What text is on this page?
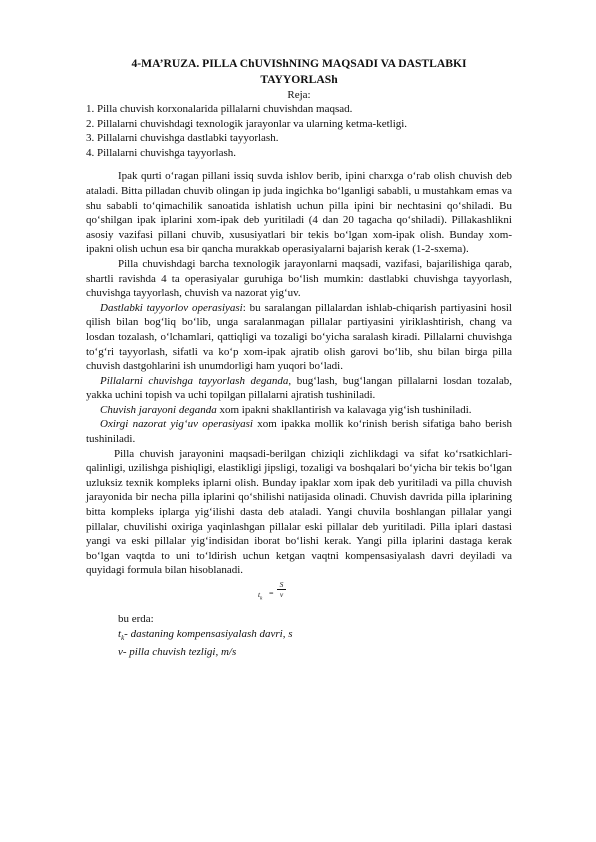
4-MA’RUZA. PILLA ChUVIShNING MAQSADI VA DASTLABKI
TAYYORLASh

Reja:

1. Pilla chuvish korxonalarida pillalarni chuvishdan maqsad.
2. Pillalarni chuvishdagi texnologik jarayonlar va ularning ketma-ketligi.
3. Pillalarni chuvishga dastlabki tayyorlash.
4. Pillalarni chuvishga tayyorlash.

Ipak qurti o‘ragan pillani issiq suvda ishlov berib, ipini charxga o‘rab olish chuvish deb ataladi. Bitta pilladan chuvib olingan ip juda ingichka bo‘lganligi sababli, u mustahkam emas va shu sababli to‘qimachilik sanoatida ishlatish uchun pilla ipini bir nechtasini qo‘shiladi. Bu qo‘shilgan ipak iplarini xom-ipak deb yuritiladi (4 dan 20 tagacha qo‘shiladi). Pillakashlikni asosiy vazifasi pillani chuvib, xususiyatlari bir tekis bo‘lgan xom-ipak olish. Bunday xom-ipakni olish uchun esa bir qancha murakkab operasiyalarni bajarish kerak (1-2-sxema).

Pilla chuvishdagi barcha texnologik jarayonlarni maqsadi, vazifasi, bajarilishiga qarab, shartli ravishda 4 ta operasiyalar guruhiga bo‘lish mumkin: dastlabki chuvishga tayyorlash, chuvishga tayyorlash, chuvish va nazorat yig‘uv.

Dastlabki tayyorlov operasiyasi: bu saralangan pillalardan ishlab-chiqarish partiyasini hosil qilish bilan bog‘liq bo‘lib, unga saralanmagan pillalar partiyasini yiriklashtirish, chang va losdan tozalash, o‘lchamlari, qattiqligi va tozaligi bo‘yicha saralash kiradi. Pillalarni chuvishga to‘g‘ri tayyorlash, sifatli va ko‘p xom-ipak ajratib olish garovi bo‘lib, shu bilan birga pilla chuvish dastgohlarini ish unumdorligi ham yuqori bo‘ladi.

Pillalarni chuvishga tayyorlash deganda, bug‘lash, bug‘langan pillalarni losdan tozalab, yakka uchini topish va uchi topilgan pillalarni ajratish tushiniladi.

Chuvish jarayoni deganda xom ipakni shakllantirish va kalavaga yig‘ish tushiniladi.

Oxirgi nazorat yig‘uv operasiyasi xom ipakka mollik ko‘rinish berish sifatiga baho berish tushiniladi.

Pilla chuvish jarayonini maqsadi-berilgan chiziqli zichlikdagi va sifat ko‘rsatkichlari- qalinligi, uzilishga pishiqligi, elastikligi jipsligi, tozaligi va boshqalari bo‘yicha bir tekis bo‘lgan uzluksiz texnik kompleks iplarni olish. Bunday ipaklar xom ipak deb yuritiladi va pilla chuvish jarayonida bir necha pilla iplarini qo‘shilishi natijasida olinadi. Chuvish davrida pilla iplarining bitta kompleks iplarga yig‘ilishi dasta deb ataladi. Yangi chuvila boshlangan pillalar yangi pillalar, chuvilishi oxiriga yaqinlashgan pillalar eski pillalar deb yuritiladi. Pilla iplari dastasi yangi va eski pillalar yig‘indisidan iborat bo‘lishi kerak. Yangi pilla iplarini dastaga kerak bo‘lgan vaqtda to uni to‘ldirish uchun ketgan vaqtni kompensasiyalash davri deyiladi va quyidagi formula bilan hisoblanadi.

$t_k$
= $\frac{S}{v}$
bu erda:
$t_k-$ dastaning kompensasiyalash davri, s
v- pilla chuvish tezligi, m/s
